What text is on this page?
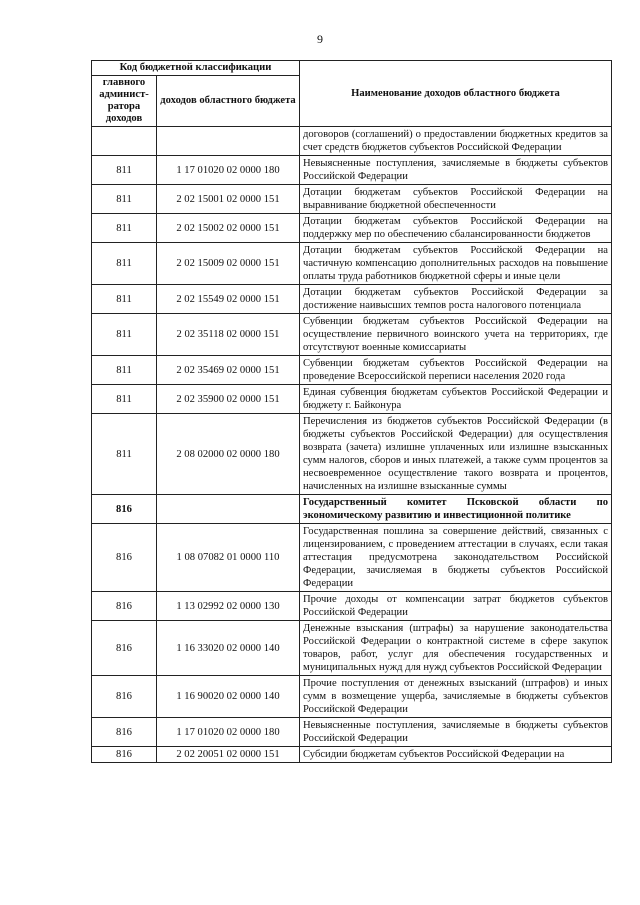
9
Код бюджетной классификации		Наименование доходов областного бюджета
главного админист-ратора доходов	доходов областного бюджета	
		договоров (соглашений) о предоставлении бюджетных кредитов за счет средств бюджетов субъектов Российской Федерации
811	1 17 01020 02 0000 180	Невыясненные поступления, зачисляемые в бюджеты субъектов Российской Федерации
811	2 02 15001 02 0000 151	Дотации бюджетам субъектов Российской Федерации на выравнивание бюджетной обеспеченности
811	2 02 15002 02 0000 151	Дотации бюджетам субъектов Российской Федерации на поддержку мер по обеспечению сбалансированности бюджетов
811	2 02 15009 02 0000 151	Дотации бюджетам субъектов Российской Федерации на частичную компенсацию дополнительных расходов на повышение оплаты труда работников бюджетной сферы и иные цели
811	2 02 15549 02 0000 151	Дотации бюджетам субъектов Российской Федерации за достижение наивысших темпов роста налогового потенциала
811	2 02 35118 02 0000 151	Субвенции бюджетам субъектов Российской Федерации на осуществление первичного воинского учета на территориях, где отсутствуют военные комиссариаты
811	2 02 35469 02 0000 151	Субвенции бюджетам субъектов Российской Федерации на проведение Всероссийской переписи населения 2020 года
811	2 02 35900 02 0000 151	Единая субвенция бюджетам субъектов Российской Федерации и бюджету г. Байконура
811	2 08 02000 02 0000 180	Перечисления из бюджетов субъектов Российской Федерации (в бюджеты субъектов Российской Федерации) для осуществления возврата (зачета) излишне уплаченных или излишне взысканных сумм налогов, сборов и иных платежей, а также сумм процентов за несвоевременное осуществление такого возврата и процентов, начисленных на излишне взысканные суммы
816		Государственный комитет Псковской области по экономическому развитию и инвестиционной политике
816	1 08 07082 01 0000 110	Государственная пошлина за совершение действий, связанных с лицензированием, с проведением аттестации в случаях, если такая аттестация предусмотрена законодательством Российской Федерации, зачисляемая в бюджеты субъектов Российской Федерации
816	1 13 02992 02 0000 130	Прочие доходы от компенсации затрат бюджетов субъектов Российской Федерации
816	1 16 33020 02 0000 140	Денежные взыскания (штрафы) за нарушение законодательства Российской Федерации о контрактной системе в сфере закупок товаров, работ, услуг для обеспечения государственных и муниципальных нужд для нужд субъектов Российской Федерации
816	1 16 90020 02 0000 140	Прочие поступления от денежных взысканий (штрафов) и иных сумм в возмещение ущерба, зачисляемые в бюджеты субъектов Российской Федерации
816	1 17 01020 02 0000 180	Невыясненные поступления, зачисляемые в бюджеты субъектов Российской Федерации
816	2 02 20051 02 0000 151	Субсидии бюджетам субъектов Российской Федерации на
